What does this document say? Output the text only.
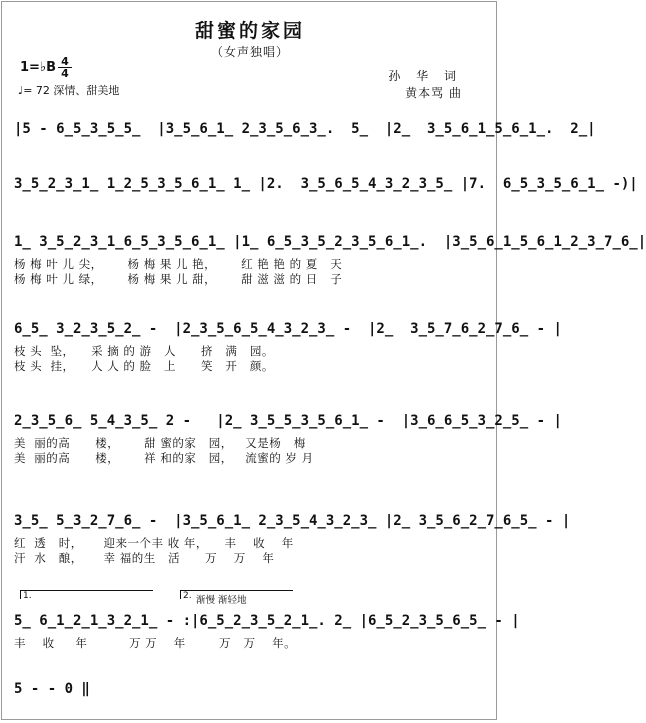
甜蜜的家园
（女声独唱）
1=♭B 4
4
♩= 72 深情、甜美地
孙 华 词
黄本骂 曲
|5 - 6̲5̲3̲5̲5̲  |3̲5̲6̲1̲ 2̲3̲5̲6̲3̲.  5̲  |2̲  3̲5̲6̲1̲5̲6̲1̲.  2̲|
3̲5̲2̲3̲1̲ 1̲2̲5̲3̲5̲6̲1̲ 1̲ |2.  3̲5̲6̲5̲4̲3̲2̲3̲5̲ |7.  6̲5̲3̲5̲6̲1̲ -)|
1̲ 3̲5̲2̲3̲1̲6̲5̲3̲5̲6̲1̲ |1̲ 6̲5̲3̲5̲2̲3̲5̲6̲1̲.  |3̲5̲6̲1̲5̲6̲1̲2̲3̲7̲6̲|
杨 梅 叶 儿 尖，      杨 梅 果 儿 艳，      红 艳 艳 的 夏   天
杨 梅 叶 儿 绿，      杨 梅 果 儿 甜，      甜 滋 滋 的 日   子
6̲5̲ 3̲2̲3̲5̲2̲ -  |2̲3̲5̲6̲5̲4̲3̲2̲3̲ -  |2̲  3̲5̲7̲6̲2̲7̲6̲ - |
枝 头  坠，    采 摘 的 游   人      挤   满   园。
枝 头  挂，    人 人 的 脸   上      笑   开   颜。
2̲3̲5̲6̲ 5̲4̲3̲5̲ 2 -   |2̲ 3̲5̲5̲3̲5̲6̲1̲ -  |3̲6̲6̲5̲3̲2̲5̲ - |
美  丽的高      楼，      甜 蜜的家   园，   又是杨   梅
美  丽的高      楼，      祥 和的家   园，   流蜜的 岁 月
3̲5̲ 5̲3̲2̲7̲6̲ -  |3̲5̲6̲1̲ 2̲3̲5̲4̲3̲2̲3̲ |2̲ 3̲5̲6̲2̲7̲6̲5̲ - |
红  透   时，     迎来一个丰 收 年，    丰    收    年
汗  水   酿，     幸 福的生   活      万    万    年
1.	2. 渐慢 渐轻地
5̲ 6̲1̲2̲1̲3̲2̲1̲ - :|6̲5̲2̲3̲5̲2̲1̲. 2̲ |6̲5̲2̲3̲5̲6̲5̲ - |
丰    收     年          万 万    年        万   万    年。
5 - - 0 ‖
